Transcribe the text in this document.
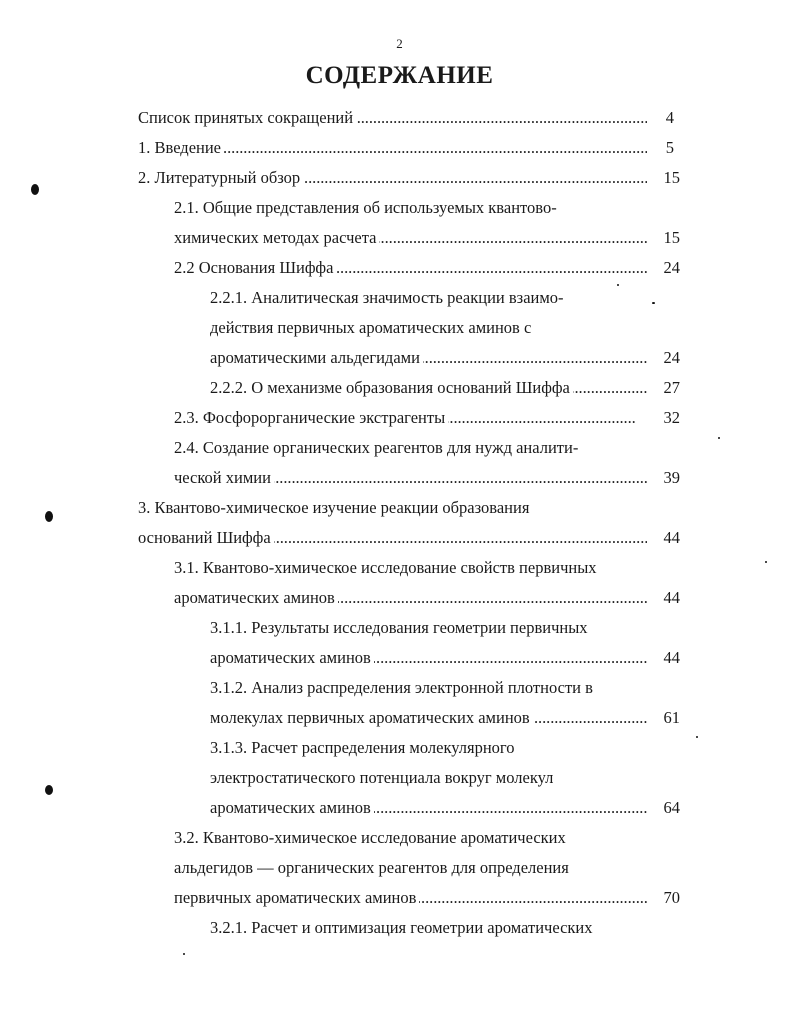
2
СОДЕРЖАНИЕ
Список принятых сокращений . . .	4
1. Введение . . .	5
2. Литературный обзор . . .	15
2.1. Общие представления об используемых квантово-
химических методах расчета . . .	15
2.2 Основания Шиффа . . .	24
2.2.1. Аналитическая значимость реакции взаимо-
действия первичных ароматических аминов с
ароматическими альдегидами . . .	24
2.2.2. О механизме образования оснований Шиффа . . .	27
2.3. Фосфорорганические экстрагенты . . .	32
2.4. Создание органических реагентов для нужд аналити-
ческой химии . . .	39
3. Квантово-химическое изучение реакции образования
оснований Шиффа . . .	44
3.1. Квантово-химическое исследование свойств первичных
ароматических аминов . . .	44
3.1.1. Результаты исследования геометрии первичных
ароматических аминов . . .	44
3.1.2. Анализ распределения электронной плотности в
молекулах первичных ароматических аминов . . .	61
3.1.3. Расчет распределения молекулярного
электростатического потенциала вокруг молекул
ароматических аминов . . .	64
3.2. Квантово-химическое исследование ароматических
альдегидов — органических реагентов для определения
первичных ароматических аминов . . .	70
3.2.1. Расчет и оптимизация геометрии ароматических
